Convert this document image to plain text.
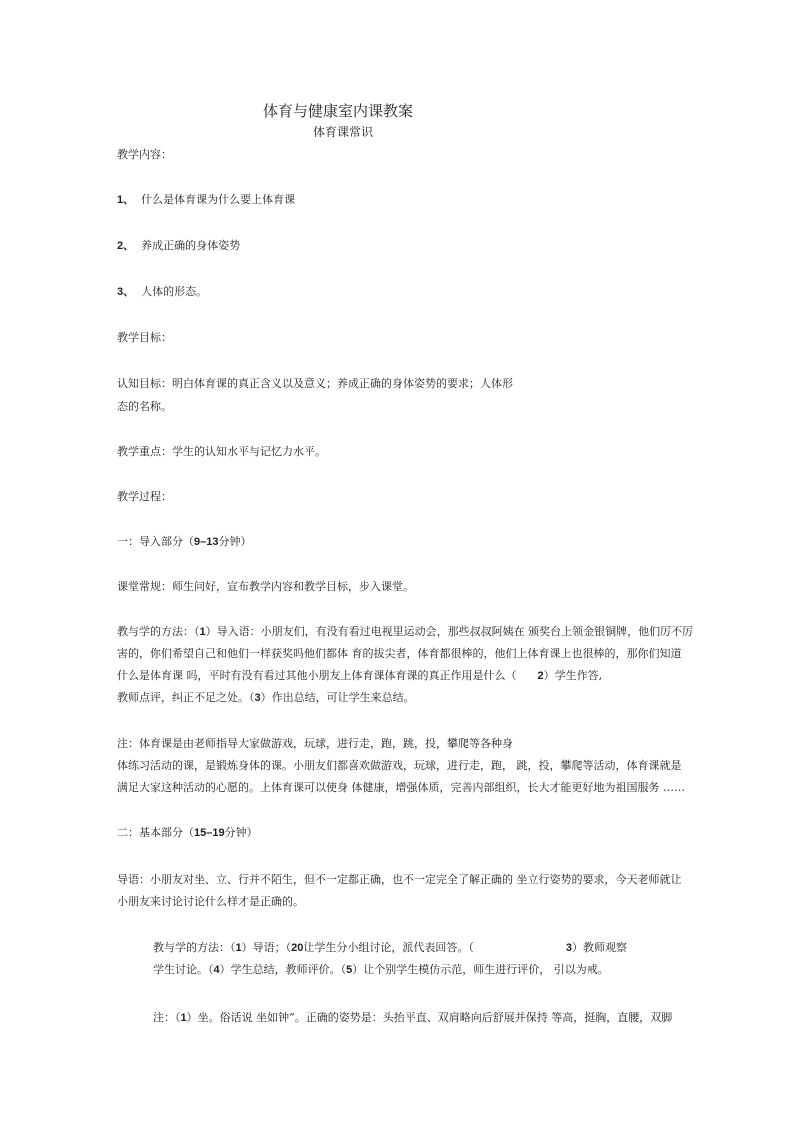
体育与健康室内课教案
体育课常识
教学内容：
1、 什么是体育课为什么要上体育课
2、 养成正确的身体姿势
3、 人体的形态。
教学目标：
认知目标：明白体育课的真正含义以及意义；养成正确的身体姿势的要求；人体形
态的名称。
教学重点：学生的认知水平与记忆力水平。
教学过程：
一：导入部分（9–13分钟）
课堂常规：师生问好，宣布教学内容和教学目标，步入课堂。
教与学的方法：（1）导入语：小朋友们，有没有看过电视里运动会，那些叔叔阿姨在 颁奖台上领金银铜牌，他们厉不厉
害的，你们希望自己和他们一样获奖吗他们都体 育的拔尖者，体育都很棒的，他们上体育课上也很棒的，那你们知道
什么是体育课 吗，平时有没有看过其他小朋友上体育课体育课的真正作用是什么（ 2）学生作答,
教师点评，纠正不足之处。（3）作出总结，可让学生来总结。
注：体育课是由老师指导大家做游戏，玩球，进行走，跑，跳，投，攀爬等各种身
体练习活动的课，是锻炼身体的课。小朋友们都喜欢做游戏，玩球，进行走，跑， 跳，投，攀爬等活动，体育课就是
满足大家这种活动的心愿的。上体育课可以使身 体健康，增强体质，完善内部组织，长大才能更好地为祖国服务 ……
二：基本部分（15–19分钟）
导语：小朋友对坐、立、行并不陌生，但不一定都正确，也不一定完全了解正确的 坐立行姿势的要求，今天老师就让
小朋友来讨论讨论什么样才是正确的。
教与学的方法：（1）导语；（20让学生分小组讨论，派代表回答。（	3）教师观察
学生讨论。（4）学生总结，教师评价。（5）让个别学生模仿示范，师生进行评价， 引以为戒。
注：（1）坐。俗话说 坐如钟”。正确的姿势是：头抬平直、双肩略向后舒展并保持 等高，挺胸，直腰，双脚
